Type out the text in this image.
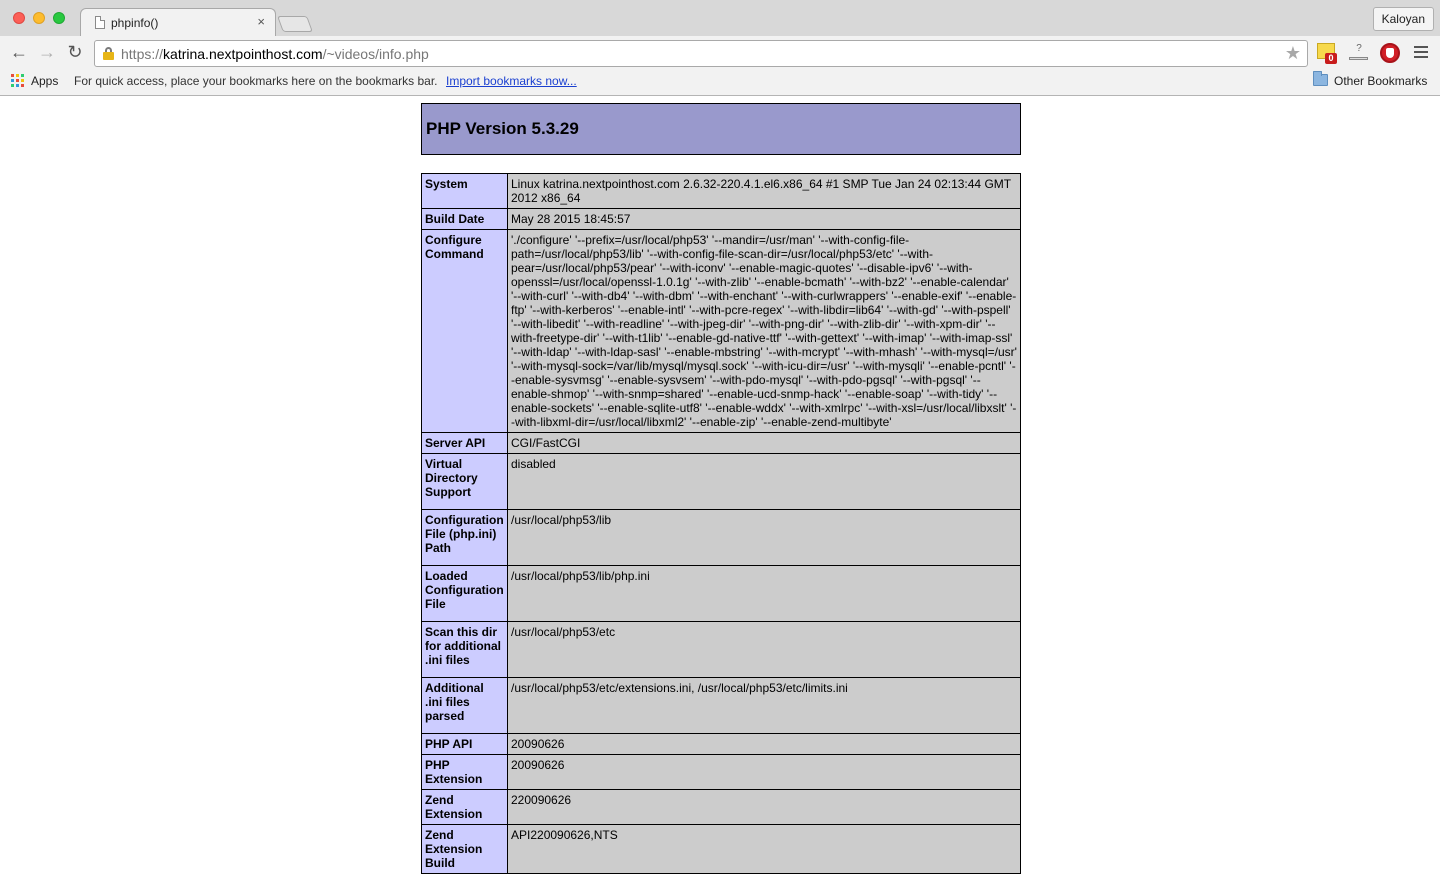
phpinfo()	×	Kaloyan
← → ↻	https://katrina.nextpointhost.com/~videos/info.php	★	0
?
Apps For quick access, place your bookmarks here on the bookmarks bar. Import bookmarks now...	Other Bookmarks
PHP Version 5.3.29
System	Linux katrina.nextpointhost.com 2.6.32-220.4.1.el6.x86_64 #1 SMP Tue Jan 24 02:13:44 GMT 2012 x86_64
Build Date	May 28 2015 18:45:57
Configure Command	'./configure' '--prefix=/usr/local/php53' '--mandir=/usr/man' '--with-config-file-path=/usr/local/php53/lib' '--with-config-file-scan-dir=/usr/local/php53/etc' '--with-pear=/usr/local/php53/pear' '--with-iconv' '--enable-magic-quotes' '--disable-ipv6' '--with-openssl=/usr/local/openssl-1.0.1g' '--with-zlib' '--enable-bcmath' '--with-bz2' '--enable-calendar' '--with-curl' '--with-db4' '--with-dbm' '--with-enchant' '--with-curlwrappers' '--enable-exif' '--enable-ftp' '--with-kerberos' '--enable-intl' '--with-pcre-regex' '--with-libdir=lib64' '--with-gd' '--with-pspell' '--with-libedit' '--with-readline' '--with-jpeg-dir' '--with-png-dir' '--with-zlib-dir' '--with-xpm-dir' '--with-freetype-dir' '--with-t1lib' '--enable-gd-native-ttf' '--with-gettext' '--with-imap' '--with-imap-ssl' '--with-ldap' '--with-ldap-sasl' '--enable-mbstring' '--with-mcrypt' '--with-mhash' '--with-mysql=/usr' '--with-mysql-sock=/var/lib/mysql/mysql.sock' '--with-icu-dir=/usr' '--with-mysqli' '--enable-pcntl' '--enable-sysvmsg' '--enable-sysvsem' '--with-pdo-mysql' '--with-pdo-pgsql' '--with-pgsql' '--enable-shmop' '--with-snmp=shared' '--enable-ucd-snmp-hack' '--enable-soap' '--with-tidy' '--enable-sockets' '--enable-sqlite-utf8' '--enable-wddx' '--with-xmlrpc' '--with-xsl=/usr/local/libxslt' '--with-libxml-dir=/usr/local/libxml2' '--enable-zip' '--enable-zend-multibyte'
Server API	CGI/FastCGI
Virtual Directory Support	disabled
Configuration File (php.ini) Path	/usr/local/php53/lib
Loaded Configuration File	/usr/local/php53/lib/php.ini
Scan this dir for additional .ini files	/usr/local/php53/etc
Additional .ini files parsed	/usr/local/php53/etc/extensions.ini, /usr/local/php53/etc/limits.ini
PHP API	20090626
PHP Extension	20090626
Zend Extension	220090626
Zend Extension Build	API220090626,NTS
